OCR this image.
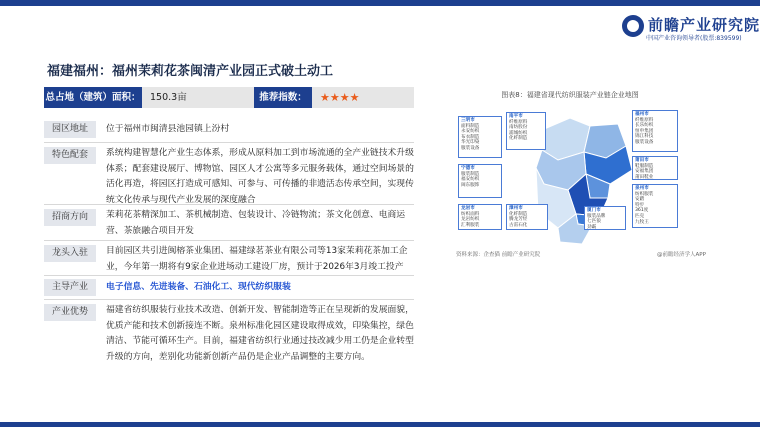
前瞻产业研究院
中国产业咨询领导者(股票:839599)
福建福州：福州茉莉花茶闽清产业园正式破土动工
总占地（建筑）面积：	150.3亩	推荐指数：	★★★★
园区地址	位于福州市闽清县池园镇上汾村
特色配套	系统构建智慧化产业生态体系，形成从原料加工到市场流通的全产业链技术升级体系；配套建设展厅、博物馆、园区人才公寓等多元服务载体，通过空间场景的活化再造，将园区打造成可感知、可参与、可传播的非遗活态传承空间，实现传统文化传承与现代产业发展的深度融合
招商方向	茉莉花茶精深加工、茶机械制造、包装设计、冷链物流；茶文化创意、电商运营、茶旅融合项目开发
龙头入驻	目前园区共引进闽榕茶业集团、福建绿茗茶业有限公司等13家茉莉花茶加工企业，今年第一期将有9家企业进场动工建设厂房，预计于2026年3月竣工投产
主导产业	电子信息、先进装备、石油化工、现代纺织服装
产业优势	福建省纺织服装行业技术改造、创新开发、智能制造等正在呈现新的发展面貌，优质产能和技术创新接连不断。泉州标准化园区建设取得成效，印染集控，绿色清洁、节能可循环生产。目前，福建省纺织行业通过技改减少用工仍是企业转型升级的方向，差别化功能新创新产品仍是企业产品调整的主要方向。
图表8：福建省现代纺织服装产业链企业地图
三明市
面料制造
永安纺织
布衣制造
华光印染
服装设备
南平市
纤维原料
南纺股份
浦城纺织
化纤制造
宁德市
服装制造
福安纺织
闽东服饰
福州市
纤维原料
长乐纺织
恒申集团
锦江科技
服装设备
莆田市
鞋服制造
安福集团
莆田鞋业
泉州市
纺织服装
安踏
特步
361度
匹克
九牧王
厦门市
服装品牌
七匹狼
劲霸
漳州市
化纤制造
腾龙芳烃
古雷石化
龙岩市
纺织面料
龙岩纺织
汇利服装
资料来源：企查猫 前瞻产业研究院	@前瞻经济学人APP
